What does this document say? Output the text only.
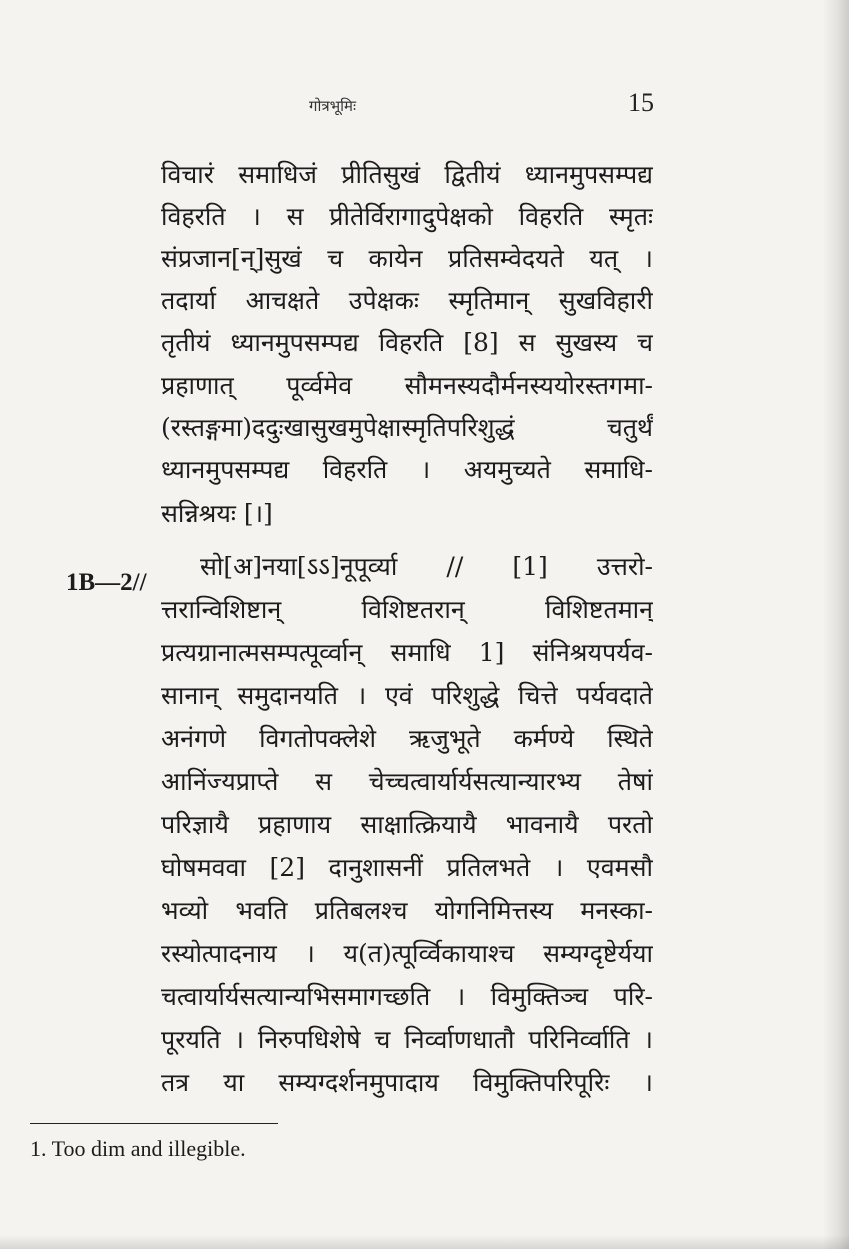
गोत्रभूमिः	15
1B—2//
विचारं समाधिजं प्रीतिसुखं द्वितीयं ध्यानमुपसम्पद्य
विहरति । स प्रीतेर्विरागादुपेक्षको विहरति स्मृतः
संप्रजान[न्]सुखं च कायेन प्रतिसम्वेदयते यत् ।
तदार्या आचक्षते उपेक्षकः स्मृतिमान् सुखविहारी
तृतीयं ध्यानमुपसम्पद्य विहरति [8] स सुखस्य च
प्रहाणात् पूर्व्वमेव सौमनस्यदौर्मनस्ययोरस्तगमा-
(रस्तङ्गमा)ददुःखासुखमुपेक्षास्मृतिपरिशुद्धं चतुर्थं
ध्यानमुपसम्पद्य विहरति । अयमुच्यते समाधि-
सन्निश्रयः [।]
सो[अ]नया[ऽऽ]नूपूर्व्या // [1] उत्तरो-
त्तरान्विशिष्टान् विशिष्टतरान् विशिष्टतमान्
प्रत्यग्रानात्मसम्पत्पूर्व्वान् समाधि 1] संनिश्रयपर्यव-
सानान् समुदानयति । एवं परिशुद्धे चित्ते पर्यवदाते
अनंगणे विगतोपक्लेशे ऋजुभूते कर्मण्ये स्थिते
आनिंज्यप्राप्ते स चेच्चत्वार्यार्यसत्यान्यारभ्य तेषां
परिज्ञायै प्रहाणाय साक्षात्क्रियायै भावनायै परतो
घोषमववा [2] दानुशासनीं प्रतिलभते । एवमसौ
भव्यो भवति प्रतिबलश्च योगनिमित्तस्य मनस्का-
रस्योत्पादनाय । य(त)त्पूर्व्विकायाश्च सम्यग्दृष्टेर्यया
चत्वार्यार्यसत्यान्यभिसमागच्छति । विमुक्तिञ्च परि-
पूरयति । निरुपधिशेषे च निर्व्वाणधातौ परिनिर्व्वाति ।
तत्र या सम्यग्दर्शनमुपादाय विमुक्तिपरिपूरिः ।
1. Too dim and illegible.
